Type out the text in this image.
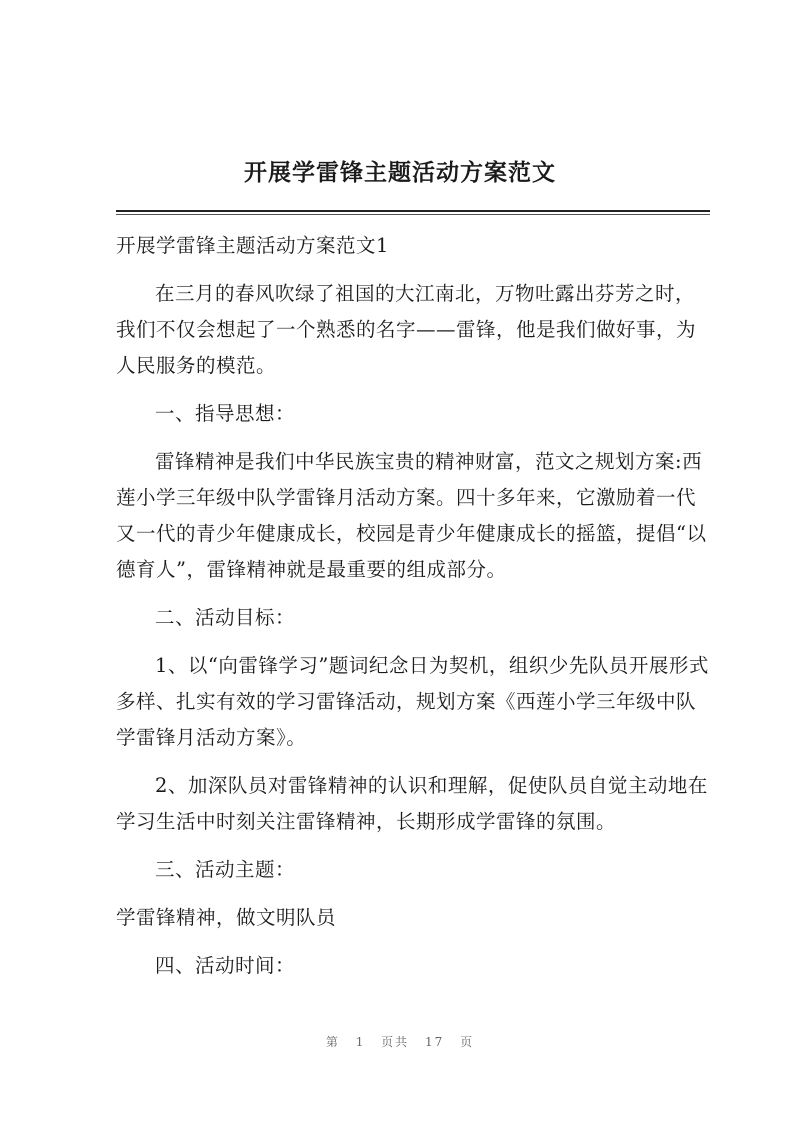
开展学雷锋主题活动方案范文

开展学雷锋主题活动方案范文1

在三月的春风吹绿了祖国的大江南北，万物吐露出芬芳之时，我们不仅会想起了一个熟悉的名字——雷锋，他是我们做好事，为人民服务的模范。

一、指导思想：

雷锋精神是我们中华民族宝贵的精神财富，范文之规划方案:西莲小学三年级中队学雷锋月活动方案。四十多年来，它激励着一代又一代的青少年健康成长，校园是青少年健康成长的摇篮，提倡“以德育人”，雷锋精神就是最重要的组成部分。

二、活动目标：

1、以“向雷锋学习”题词纪念日为契机，组织少先队员开展形式多样、扎实有效的学习雷锋活动，规划方案《西莲小学三年级中队学雷锋月活动方案》。

2、加深队员对雷锋精神的认识和理解，促使队员自觉主动地在学习生活中时刻关注雷锋精神，长期形成学雷锋的氛围。

三、活动主题：

学雷锋精神，做文明队员

四、活动时间：

第 1 页共 17 页
